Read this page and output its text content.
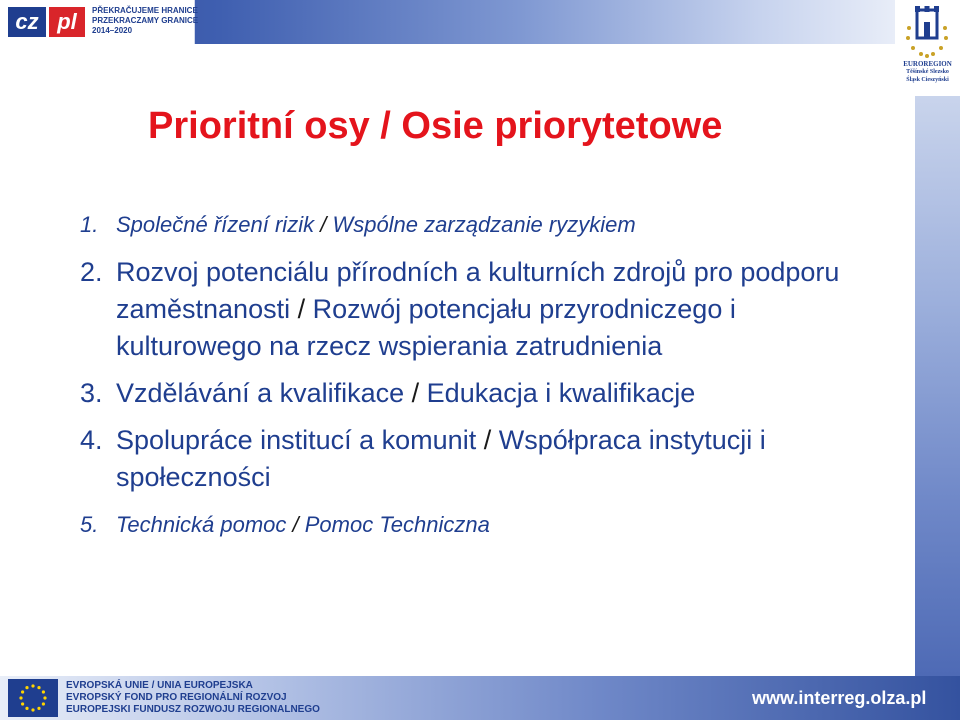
cz pl	PŘEKRAČUJEME HRANICE
PRZEKRACZAMY GRANICE
2014–2020
EUROREGION
Těšínské Slezsko
Śląsk Cieszyński
Prioritní osy / Osie priorytetowe
1. Společné řízení rizik / Wspólne zarządzanie ryzykiem
2. Rozvoj potenciálu přírodních a kulturních zdrojů pro podporu zaměstnanosti / Rozwój potencjału przyrodniczego i kulturowego na rzecz wspierania zatrudnienia
3. Vzdělávání a kvalifikace / Edukacja i kwalifikacje
4. Spolupráce institucí a komunit / Współpraca instytucji i społeczności
5. Technická pomoc / Pomoc Techniczna
EVROPSKÁ UNIE / UNIA EUROPEJSKA
EVROPSKÝ FOND PRO REGIONÁLNÍ ROZVOJ
EUROPEJSKI FUNDUSZ ROZWOJU REGIONALNEGO
www.interreg.olza.pl
